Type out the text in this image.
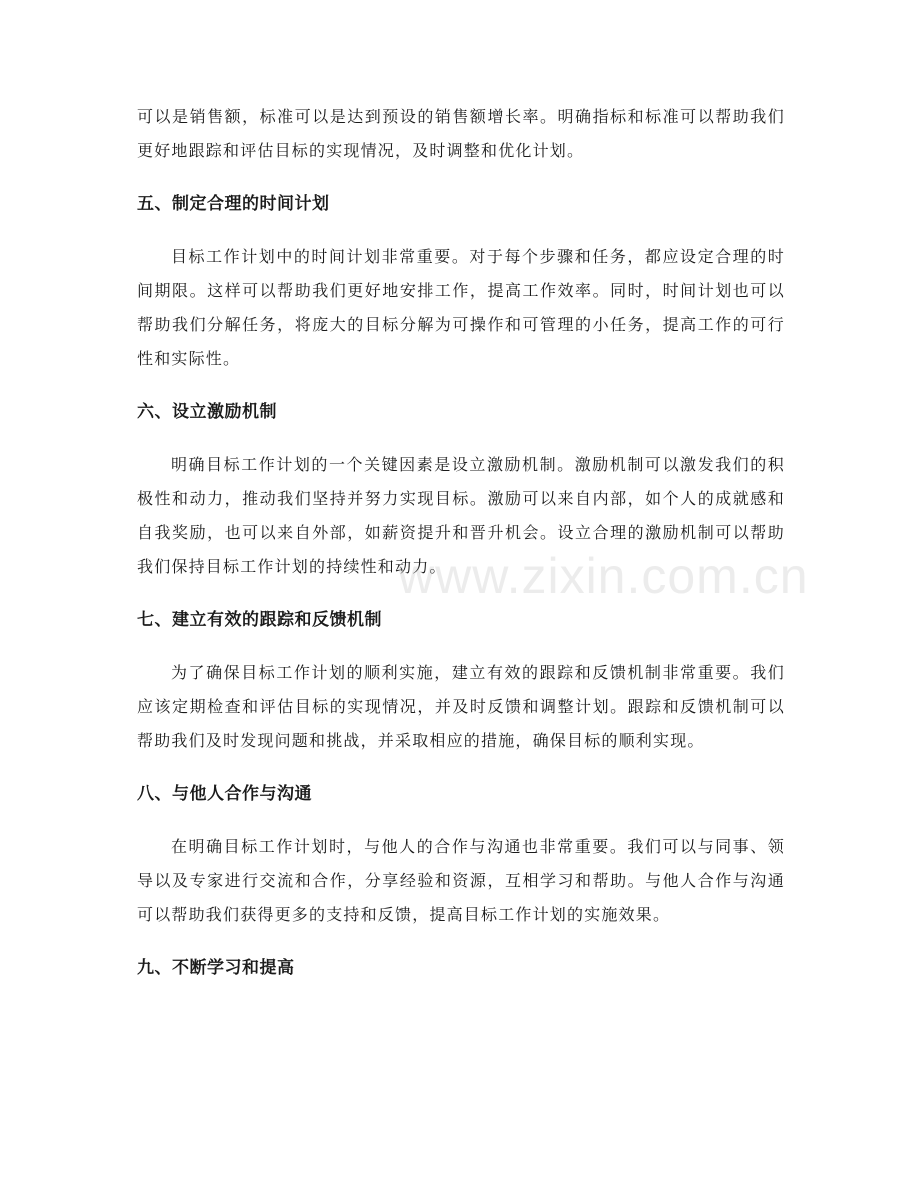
可以是销售额，标准可以是达到预设的销售额增长率。明确指标和标准可以帮助我们更好地跟踪和评估目标的实现情况，及时调整和优化计划。

五、制定合理的时间计划

目标工作计划中的时间计划非常重要。对于每个步骤和任务，都应设定合理的时间期限。这样可以帮助我们更好地安排工作，提高工作效率。同时，时间计划也可以帮助我们分解任务，将庞大的目标分解为可操作和可管理的小任务，提高工作的可行性和实际性。

六、设立激励机制

明确目标工作计划的一个关键因素是设立激励机制。激励机制可以激发我们的积极性和动力，推动我们坚持并努力实现目标。激励可以来自内部，如个人的成就感和自我奖励，也可以来自外部，如薪资提升和晋升机会。设立合理的激励机制可以帮助我们保持目标工作计划的持续性和动力。

七、建立有效的跟踪和反馈机制

为了确保目标工作计划的顺利实施，建立有效的跟踪和反馈机制非常重要。我们应该定期检查和评估目标的实现情况，并及时反馈和调整计划。跟踪和反馈机制可以帮助我们及时发现问题和挑战，并采取相应的措施，确保目标的顺利实现。

八、与他人合作与沟通

在明确目标工作计划时，与他人的合作与沟通也非常重要。我们可以与同事、领导以及专家进行交流和合作，分享经验和资源，互相学习和帮助。与他人合作与沟通可以帮助我们获得更多的支持和反馈，提高目标工作计划的实施效果。

九、不断学习和提高
www.zixin.com.cn
